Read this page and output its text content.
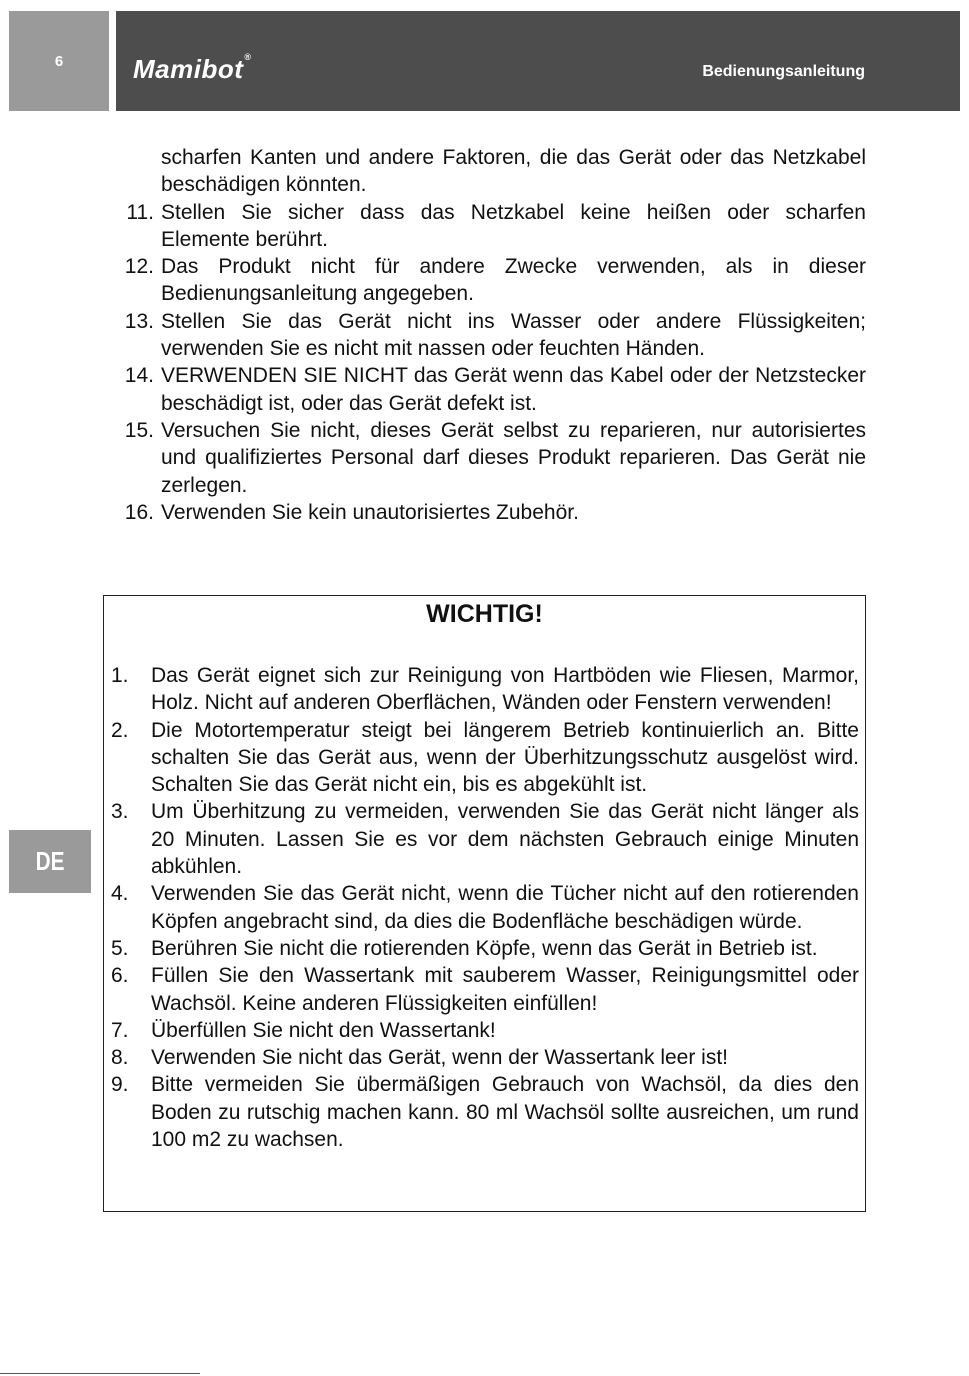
6	Mamibot®
Bedienungsanleitung
DE
scharfen Kanten und andere Faktoren, die das Gerät oder das Netzkabel beschädigen könnten.
11. Stellen Sie sicher dass das Netzkabel keine heißen oder scharfen Elemente berührt.
12. Das Produkt nicht für andere Zwecke verwenden, als in dieser Bedienungsanleitung angegeben.
13. Stellen Sie das Gerät nicht ins Wasser oder andere Flüssigkeiten; verwenden Sie es nicht mit nassen oder feuchten Händen.
14. VERWENDEN SIE NICHT das Gerät wenn das Kabel oder der Netzstecker beschädigt ist, oder das Gerät defekt ist.
15. Versuchen Sie nicht, dieses Gerät selbst zu reparieren, nur autorisiertes und qualifiziertes Personal darf dieses Produkt reparieren. Das Gerät nie zerlegen.
16. Verwenden Sie kein unautorisiertes Zubehör.
WICHTIG!
1.	Das Gerät eignet sich zur Reinigung von Hartböden wie Fliesen, Marmor, Holz. Nicht auf anderen Oberflächen, Wänden oder Fenstern verwenden!
2.	Die Motortemperatur steigt bei längerem Betrieb kontinuierlich an. Bitte schalten Sie das Gerät aus, wenn der Überhitzungsschutz ausgelöst wird. Schalten Sie das Gerät nicht ein, bis es abgekühlt ist.
3.	Um Überhitzung zu vermeiden, verwenden Sie das Gerät nicht länger als 20 Minuten. Lassen Sie es vor dem nächsten Gebrauch einige Minuten abkühlen.
4.	Verwenden Sie das Gerät nicht, wenn die Tücher nicht auf den rotierenden Köpfen angebracht sind, da dies die Bodenfläche beschädigen würde.
5.	Berühren Sie nicht die rotierenden Köpfe, wenn das Gerät in Betrieb ist.
6.	Füllen Sie den Wassertank mit sauberem Wasser, Reinigungsmittel oder Wachsöl. Keine anderen Flüssigkeiten einfüllen!
7.	Überfüllen Sie nicht den Wassertank!
8.	Verwenden Sie nicht das Gerät, wenn der Wassertank leer ist!
9.	Bitte vermeiden Sie übermäßigen Gebrauch von Wachsöl, da dies den Boden zu rutschig machen kann. 80 ml Wachsöl sollte ausreichen, um rund 100 m2 zu wachsen.
